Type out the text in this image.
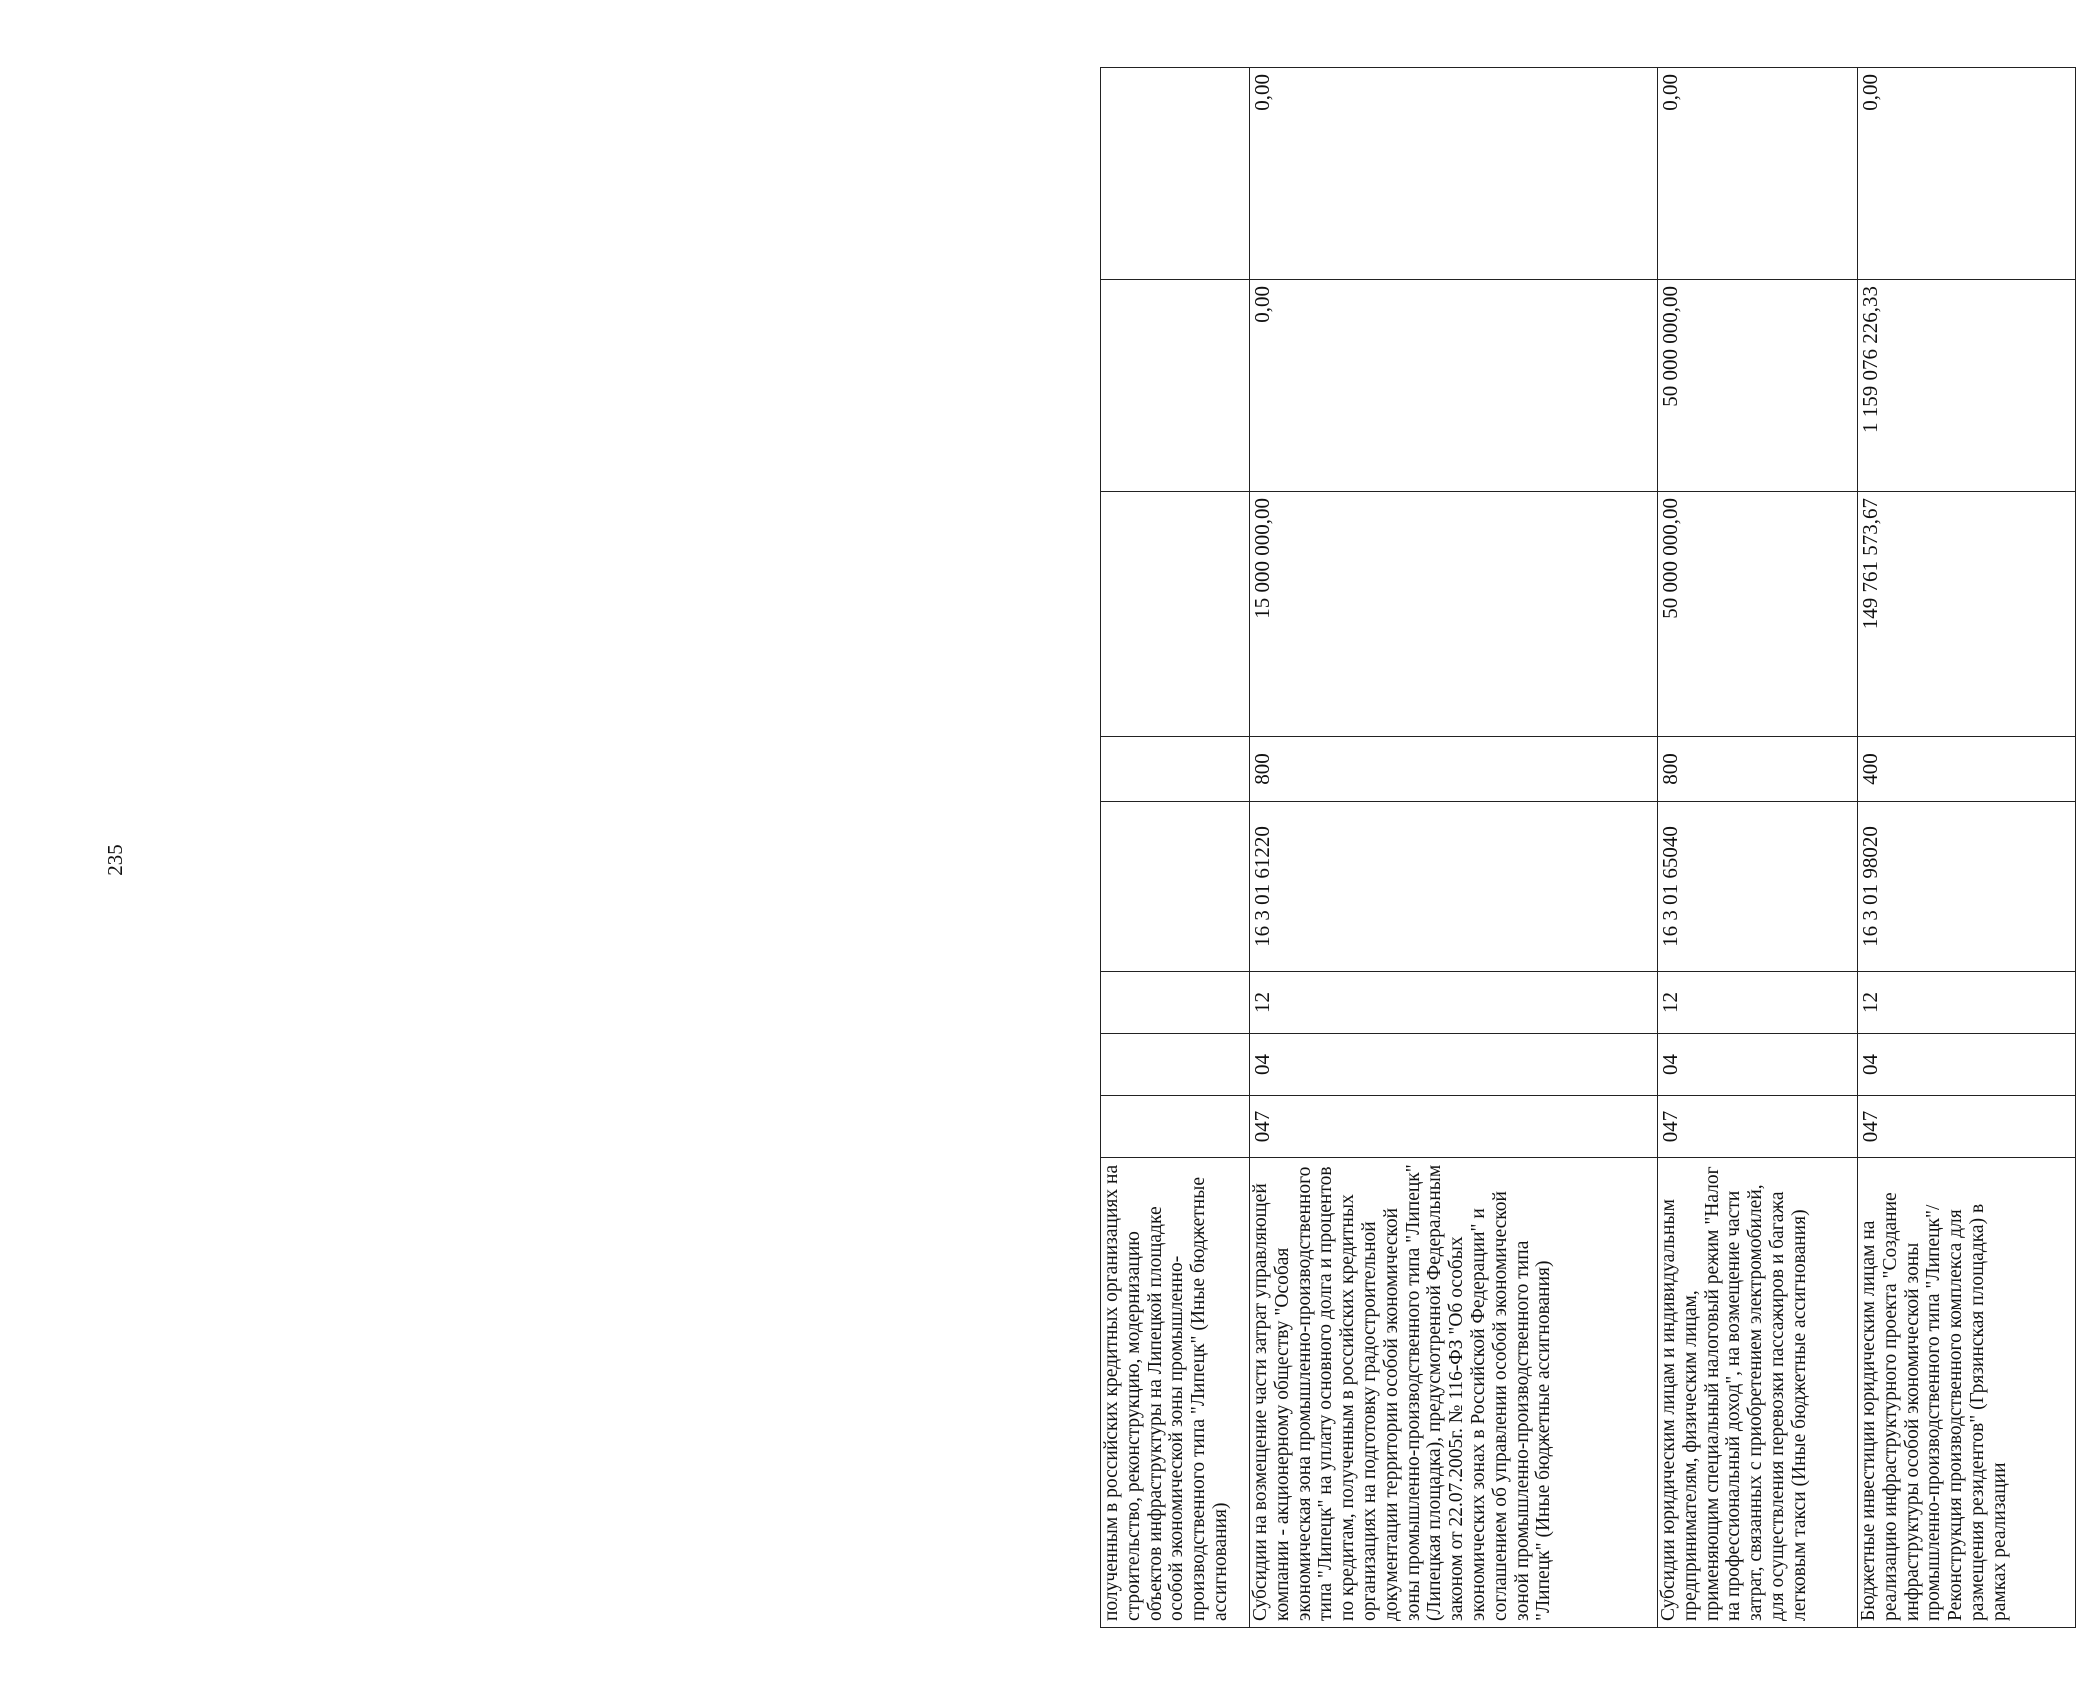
235
полученным в российских кредитных организациях на строительство, реконструкцию, модернизацию объектов инфраструктуры на Липецкой площадке особой экономической зоны промышленно-производственного типа "Липецк" (Иные бюджетные ассигнования)								
Субсидии на возмещение части затрат управляющей компании - акционерному обществу "Особая экономическая зона промышленно-производственного типа "Липецк" на уплату основного долга и процентов по кредитам, полученным в российских кредитных организациях на подготовку градостроительной документации территории особой экономической зоны промышленно-производственного типа "Липецк" (Липецкая площадка), предусмотренной Федеральным законом от 22.07.2005г. № 116-ФЗ "Об особых экономических зонах в Российской Федерации" и соглашением об управлении особой экономической зоной промышленно-производственного типа "Липецк" (Иные бюджетные ассигнования)	047	04	12	16 3 01 61220	800	15 000 000,00	0,00	0,00
Субсидии юридическим лицам и индивидуальным предпринимателям, физическим лицам, применяющим специальный налоговый режим "Налог на профессиональный доход", на возмещение части затрат, связанных с приобретением электромобилей, для осуществления перевозки пассажиров и багажа легковым такси (Иные бюджетные ассигнования)	047	04	12	16 3 01 65040	800	50 000 000,00	50 000 000,00	0,00
Бюджетные инвестиции юридическим лицам на реализацию инфраструктурного проекта "Создание инфраструктуры особой экономической зоны промышленно-производственного типа "Липецк"/Реконструкция производственного комплекса для размещения резидентов" (Грязинская площадка) в рамках реализации	047	04	12	16 3 01 98020	400	149 761 573,67	1 159 076 226,33	0,00
